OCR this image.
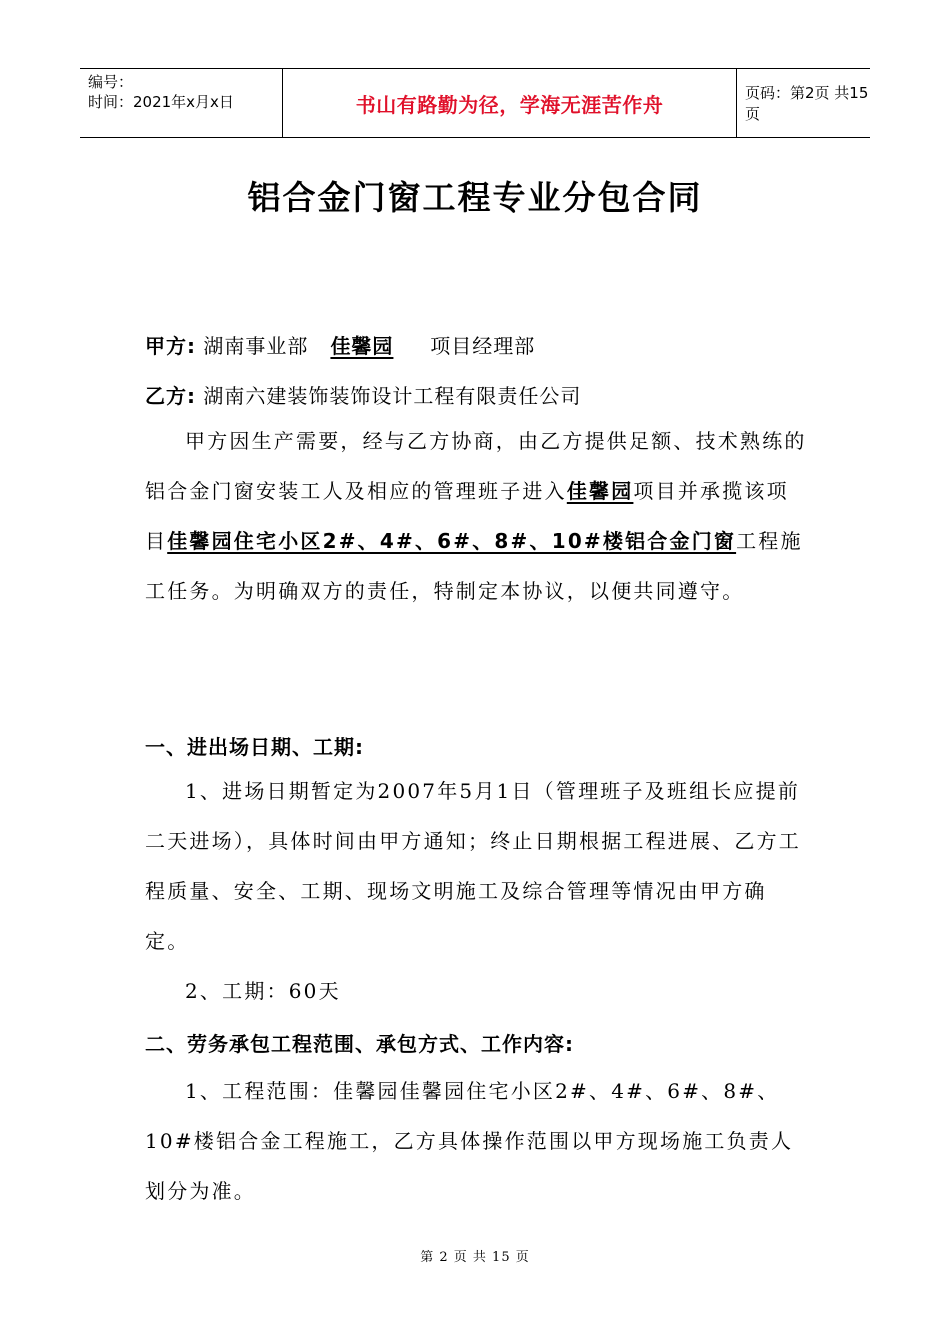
编号：
时间：2021年x月x日	书山有路勤为径，学海无涯苦作舟	页码：第2页 共15页
铝合金门窗工程专业分包合同
甲方: 湖南事业部 佳馨园 项目经理部
乙方: 湖南六建装饰装饰设计工程有限责任公司
甲方因生产需要，经与乙方协商，由乙方提供足额、技术熟练的铝合金门窗安装工人及相应的管理班子进入佳馨园项目并承揽该项目佳馨园住宅小区2#、4#、6#、8#、10#楼铝合金门窗工程施工任务。为明确双方的责任，特制定本协议，以便共同遵守。
一、进出场日期、工期:
1、进场日期暂定为2007年5月1日（管理班子及班组长应提前二天进场），具体时间由甲方通知；终止日期根据工程进展、乙方工程质量、安全、工期、现场文明施工及综合管理等情况由甲方确定。
2、工期：60天
二、劳务承包工程范围、承包方式、工作内容:
1、工程范围：佳馨园佳馨园住宅小区2#、4#、6#、8#、10#楼铝合金工程施工，乙方具体操作范围以甲方现场施工负责人划分为准。
第 2 页 共 15 页
